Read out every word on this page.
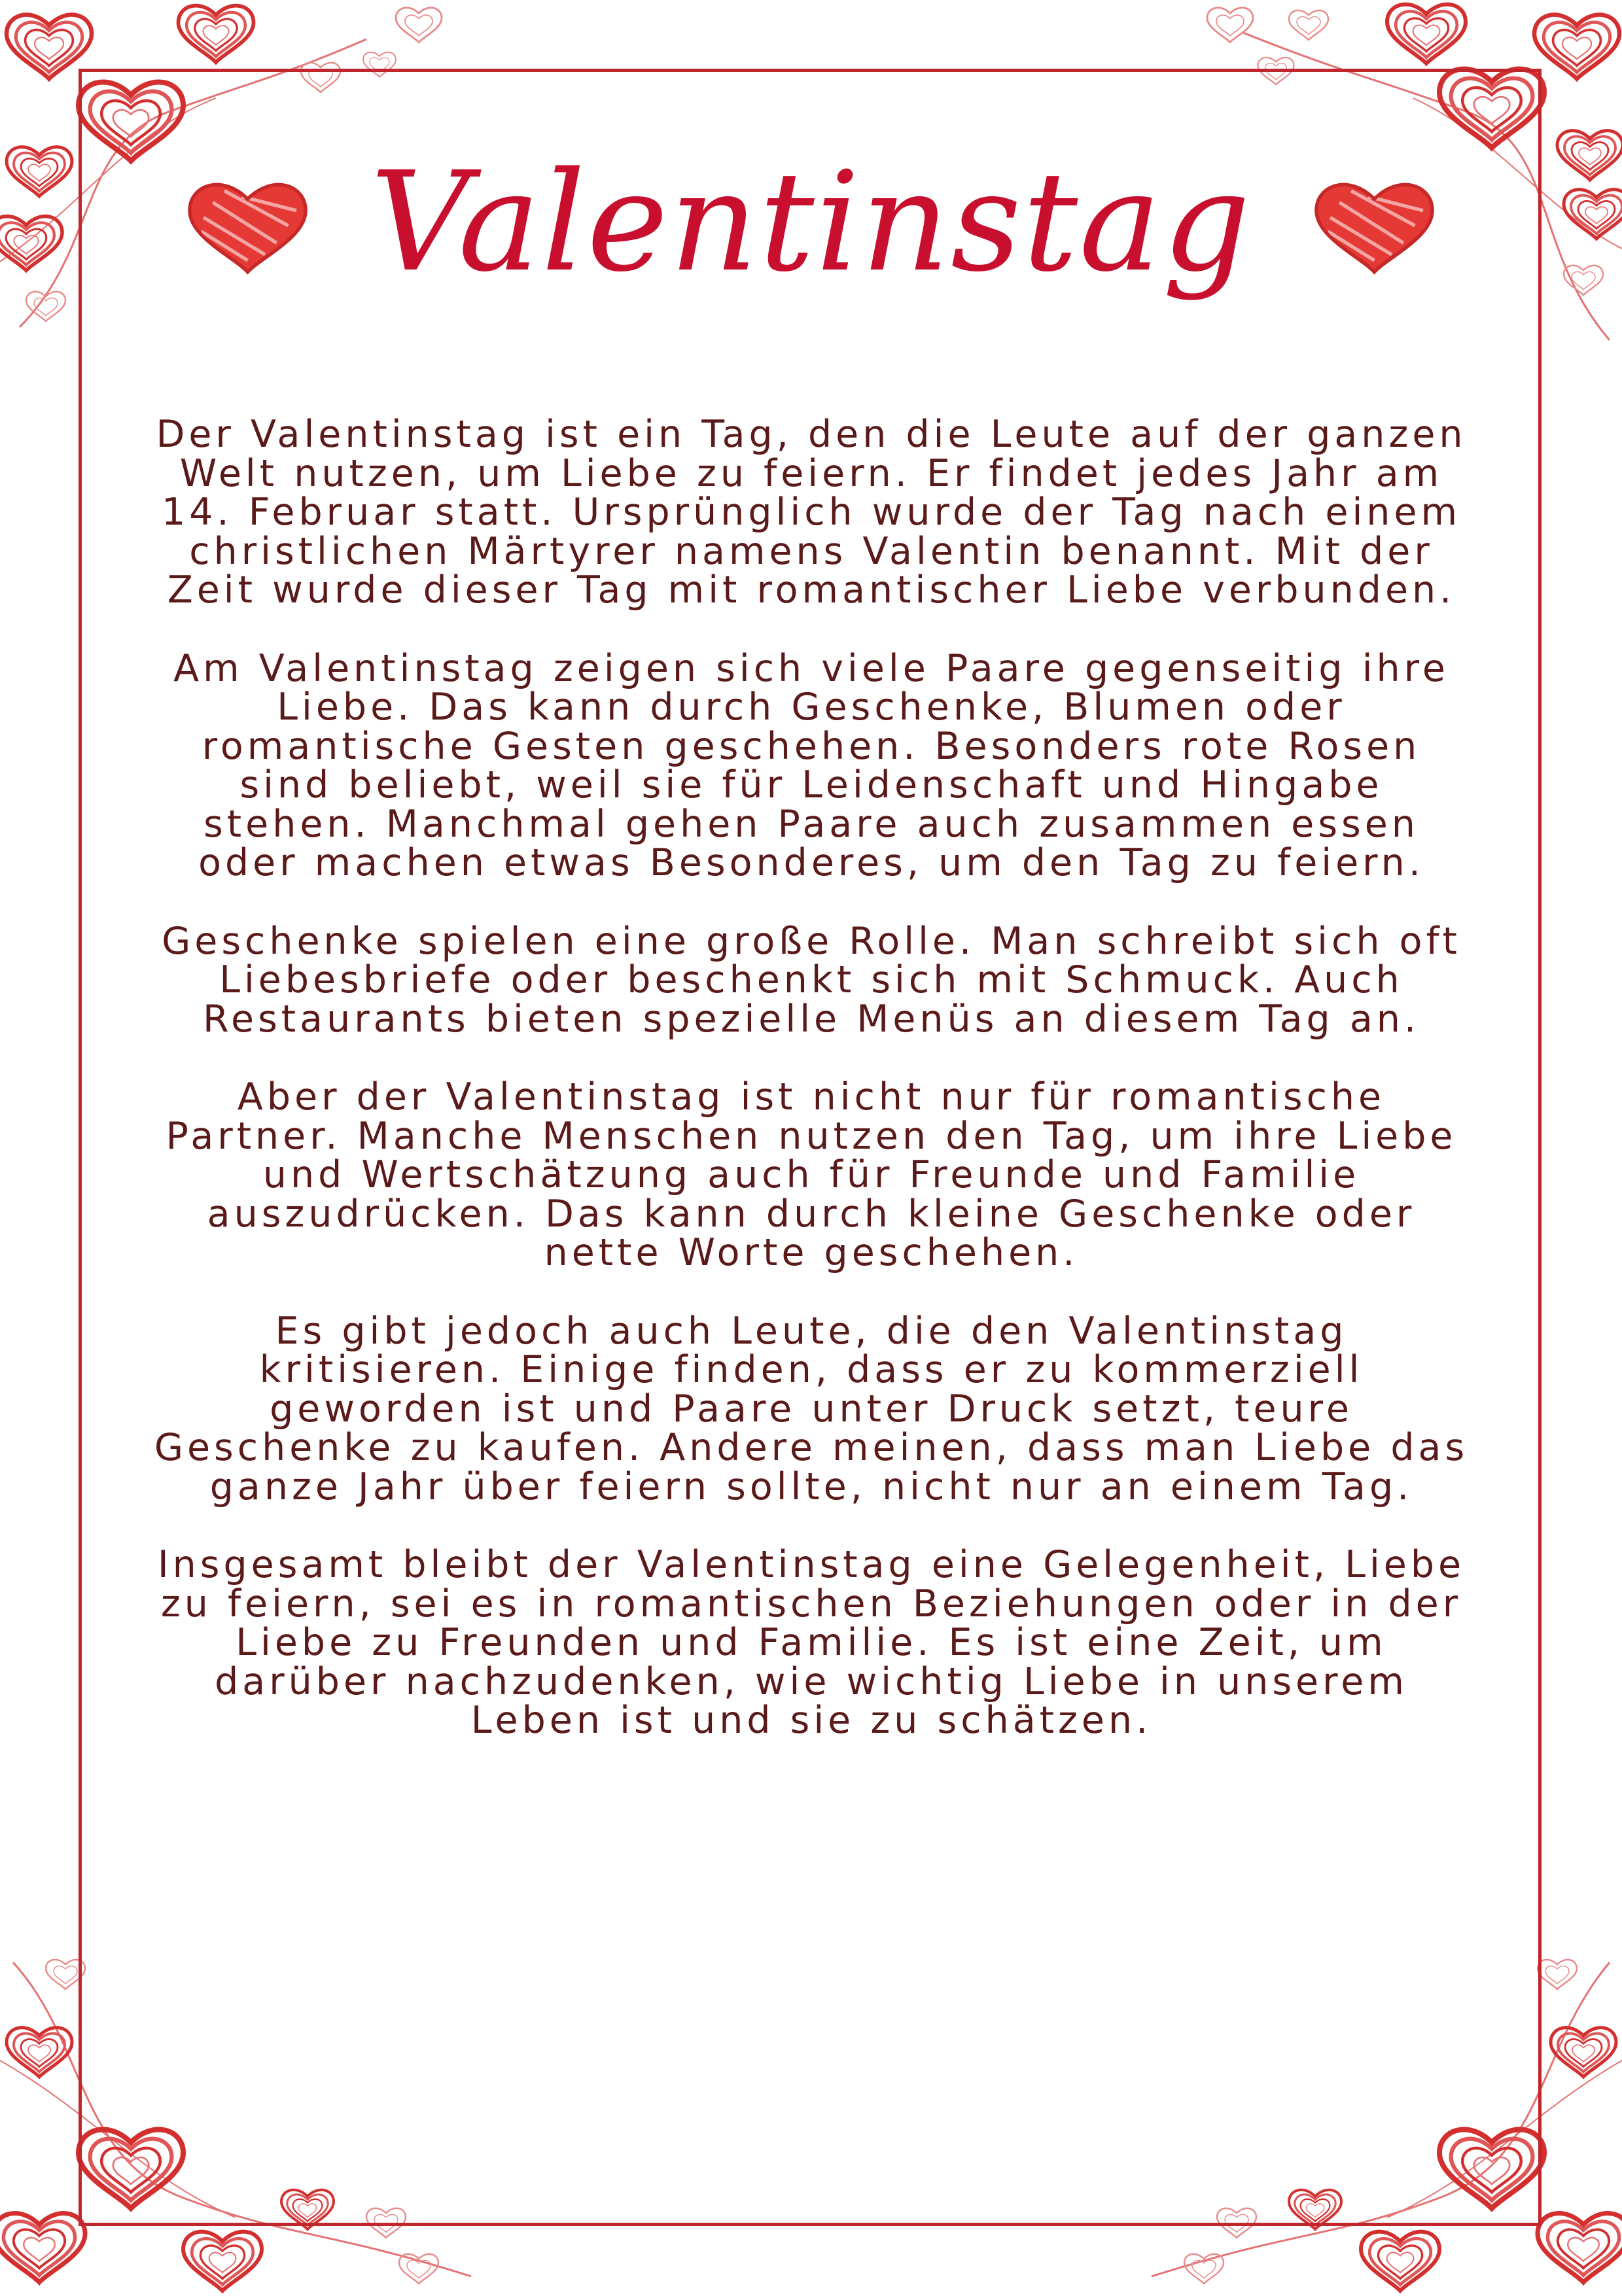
Valentinstag

Der Valentinstag ist ein Tag, den die Leute auf der ganzen Welt nutzen, um Liebe zu feiern. Er findet jedes Jahr am 14. Februar statt. Ursprünglich wurde der Tag nach einem christlichen Märtyrer namens Valentin benannt. Mit der Zeit wurde dieser Tag mit romantischer Liebe verbunden.

Am Valentinstag zeigen sich viele Paare gegenseitig ihre Liebe. Das kann durch Geschenke, Blumen oder romantische Gesten geschehen. Besonders rote Rosen sind beliebt, weil sie für Leidenschaft und Hingabe stehen. Manchmal gehen Paare auch zusammen essen oder machen etwas Besonderes, um den Tag zu feiern.

Geschenke spielen eine große Rolle. Man schreibt sich oft Liebesbriefe oder beschenkt sich mit Schmuck. Auch Restaurants bieten spezielle Menüs an diesem Tag an.

Aber der Valentinstag ist nicht nur für romantische Partner. Manche Menschen nutzen den Tag, um ihre Liebe und Wertschätzung auch für Freunde und Familie auszudrücken. Das kann durch kleine Geschenke oder nette Worte geschehen.

Es gibt jedoch auch Leute, die den Valentinstag kritisieren. Einige finden, dass er zu kommerziell geworden ist und Paare unter Druck setzt, teure Geschenke zu kaufen. Andere meinen, dass man Liebe das ganze Jahr über feiern sollte, nicht nur an einem Tag.

Insgesamt bleibt der Valentinstag eine Gelegenheit, Liebe zu feiern, sei es in romantischen Beziehungen oder in der Liebe zu Freunden und Familie. Es ist eine Zeit, um darüber nachzudenken, wie wichtig Liebe in unserem Leben ist und sie zu schätzen.
